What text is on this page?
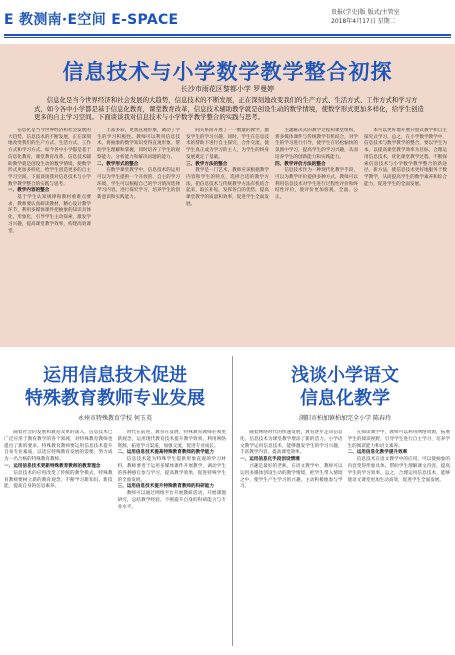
E 教测南·E空间 E-SPACE	贵报(学史)版 版式/主管室
2018年4月17日 星期二
信息技术与小学数学教学整合初探
长沙市雨花区黎都小学 罗曼婷
信息化是当今世界经济和社会发展的大趋势，信息技术的不断发展，正在深刻地改变我们的生产方式、生活方式、工作方式和学习方式，如今各中小学都是基于信息化教育，课堂教育改革，信息技术辅助教学就是创设生动的数学情境，使数学形式更加多样化，给学生创造更多的自主学习空间。下面谈谈我对信息技术与小学数学教学整合的实践与思考。

信息化是当今世界经济和社会发展的大趋势，信息技术的不断发展，正在深刻地改变我们的生产方式、生活方式、工作方式和学习方式。如今各中小学都是基于信息化教育，课堂教育改革，信息技术辅助教学就是创设生动的数学情境，使数学形式更加多样化，给学生创造更多的自主学习空间。下面谈谈我对信息技术与小学数学教学整合的实践与思考。

一、教学内容的整合

基于学生认知规律和教材重难点要求，教师要认真研读教材，精心设计教学环节，利用多媒体课件把抽象的知识具体化、形象化，引导学生主动探索，激发学习兴趣，提高课堂教学效率，构建高效课堂。

丰富多彩，更加直观形象，调动了学生的学习积极性。教师可以利用信息技术，将抽象的数学知识变得直观形象，帮助学生理解和掌握，同时培养了学生的观察能力、分析能力和解决问题的能力。

二、教学形式的整合

在数学课堂教学中，信息技术的运用可以为学生提供一个开放的、自主的学习环境，学生可以根据自己的学习情况选择学习内容，进行探究学习，培养学生的创新意识和实践能力。

间关系而开展了一一数量的教学，激发学生的学习兴趣。同时，学生在信息技术的帮助下进行自主探究，合作交流，使学生真正成为学习的主人，为学生的终身发展奠定了基础。

三、教学方法的整合

教学是一门艺术，教师应该根据教学内容和学生的特点，选择合适的教学方法，把信息技术与传统教学方法有机结合起来，取长补短，发挥各自的优势，提高课堂教学的质量和效率，促进学生全面发展。

主题解决式的教学过程和课堂组织，将多媒体课件与传统教学有机结合，对学生的学习进行引导，使学生在轻松愉快的氛围中学习，提高学生的学习兴趣，从而培养学生的创新能力和实践能力。

四、教学评价方法的整合

信息技术作为一种现代化教学手段，可以为教学评价提供多种方式，教师可以利用信息技术对学生进行过程性评价和终结性评价，使评价更加客观、全面、公正。

本可以更好地开展开放式教学和自主探究式学习。总之，在小学数学教学中，信息技术与数学教学的整合，要以学生为本，以提高课堂教学效率为目标，合理运用信息技术，优化课堂教学过程，不断探索信息技术与小学数学教学整合的新途径、新方法，使信息技术更好地服务于数学教学，从而提高学生的数学素养和综合能力，促进学生的全面发展。

运用信息技术促进
特殊教育教师专业发展
永州市特殊教育学校 何玉英

随着社会的发展和教育改革的深入，信息技术已广泛应用于教育教学的各个领域，对特殊教育教师也提出了新的要求。特殊教育教师要运用信息技术提升自身专业素质，以适应特殊教育发展的需要，努力成为一名合格的特殊教育教师。

一、运用信息技术更新特殊教育教师的教育理念

信息技术的应用改变了传统的教学模式，特殊教育教师要树立新的教育观念，不断学习新知识、新技能，提高自身的信息素养。

时代在前进，教育在发展，特殊教育教师必须更新观念，运用现代教育技术提升教学效果。利用网络资源，拓宽学习渠道，加强交流，促进专业成长。

二、运用信息技术提高特殊教育教师的教学能力

信息技术能为特殊学生提供形象直观的学习材料，教师要善于运用多媒体课件开展教学，调动学生的各种感官参与学习，提高教学效果，促进特殊学生的全面发展。

三、运用信息技术提升特殊教育教师的科研能力

教师可以通过网络平台开展教研活动，开展课题研究，总结教学经验，不断提升自身的科研能力与专业水平。

浅谈小学语文
信息化教学
浏阳市柏加镇柏加完全小学 陈春玲

随着网络时代的快速发展，教育逐步走向信息化，信息技术为课堂教学增添了新的活力。小学语文教学运用信息技术，能够激发学生的学习兴趣，丰富教学内容，提高课堂效率。

一、运用信息化手段创设情境

兴趣是最好的老师。在语文教学中，教师可以运用多媒体创设生动的教学情境，把学生带入情境之中，使学生产生学习的兴趣，主动积极地参与学习。

在阅读教学中，教师可以利用网络资源，拓展学生的阅读视野，引导学生进行自主学习，培养学生的阅读能力和语文素养。

二、运用信息化教学提升效率

信息技术在语文教学中的应用，可以使抽象的内容变得形象具体，帮助学生理解课文内容，提高学生的学习效率。总之，合理运用信息技术，能够使语文课堂更加生动高效，促进学生全面发展。
